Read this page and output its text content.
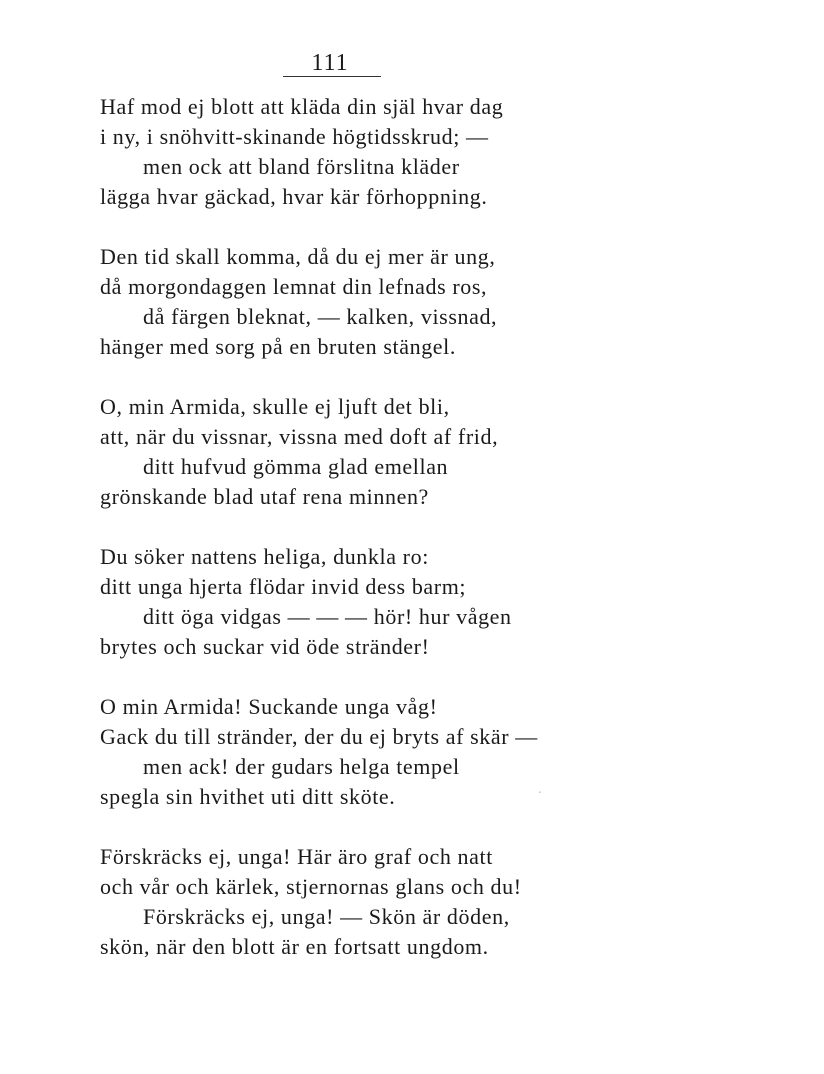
111
Haf mod ej blott att kläda din själ hvar dag
i ny, i snöhvitt-skinande högtidsskrud; —
men ock att bland förslitna kläder
lägga hvar gäckad, hvar kär förhoppning.
Den tid skall komma, då du ej mer är ung,
då morgondaggen lemnat din lefnads ros,
då färgen bleknat, — kalken, vissnad,
hänger med sorg på en bruten stängel.
O, min Armida, skulle ej ljuft det bli,
att, när du vissnar, vissna med doft af frid,
ditt hufvud gömma glad emellan
grönskande blad utaf rena minnen?
Du söker nattens heliga, dunkla ro:
ditt unga hjerta flödar invid dess barm;
ditt öga vidgas — — — hör! hur vågen
brytes och suckar vid öde stränder!
O min Armida! Suckande unga våg!
Gack du till stränder, der du ej bryts af skär —
men ack! der gudars helga tempel
spegla sin hvithet uti ditt sköte.
Förskräcks ej, unga! Här äro graf och natt
och vår och kärlek, stjernornas glans och du!
Förskräcks ej, unga! — Skön är döden,
skön, när den blott är en fortsatt ungdom.
.
